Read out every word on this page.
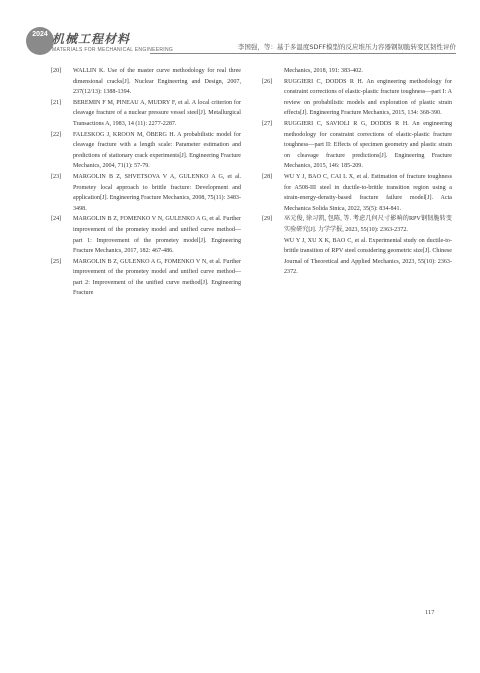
2024 机械工程材料
MATERIALS FOR MECHANICAL ENGINEERING	李国强，等：基于多温度SDFF模型的反应堆压力容器钢韧脆转变区韧性评价

[20] WALLIN K. Use of the master curve methodology for real three dimensional cracks[J]. Nuclear Engineering and Design, 2007, 237(12/13): 1388-1394.

[21] BEREMIN F M, PINEAU A, MUDRY F, et al. A local criterion for cleavage fracture of a nuclear pressure vessel steel[J]. Metallurgical Transactions A, 1983, 14 (11): 2277-2287.

[22] FALESKOG J, KROON M, ÖBERG H. A probabilistic model for cleavage fracture with a length scale: Parameter estimation and predictions of stationary crack experiments[J]. Engineering Fracture Mechanics, 2004, 71(1): 57-79.

[23] MARGOLIN B Z, SHVETSOVA V A, GULENKO A G, et al. Prometey local approach to brittle fracture: Development and application[J]. Engineering Fracture Mechanics, 2008, 75(11): 3483-3498.

[24] MARGOLIN B Z, FOMENKO V N, GULENKO A G, et al. Further improvement of the prometey model and unified curve method—part 1: Improvement of the prometey model[J]. Engineering Fracture Mechanics, 2017, 182: 467-486.

[25] MARGOLIN B Z, GULENKO A G, FOMENKO V N, et al. Further improvement of the prometey model and unified curve method—part 2: Improvement of the unified curve method[J]. Engineering Fracture

Mechanics, 2018, 191: 383-402.

[26] RUGGIERI C, DODDS R H. An engineering methodology for constraint corrections of elastic-plastic fracture toughness—part I: A review on probabilistic models and exploration of plastic strain effects[J]. Engineering Fracture Mechanics, 2015, 134: 368-390.

[27] RUGGIERI C, SAVIOLI R G, DODDS R H. An engineering methodology for constraint corrections of elastic-plastic fracture toughness—part II: Effects of specimen geometry and plastic strain on cleavage fracture predictions[J]. Engineering Fracture Mechanics, 2015, 146: 185-209.

[28] WU Y J, BAO C, CAI L X, et al. Estimation of fracture toughness for A508-III steel in ductile-to-brittle transition region using a strain-energy-density-based fracture failure model[J]. Acta Mechanica Solida Sinica, 2022, 35(5): 834-841.

[29] 巫元俊, 徐习凯, 包陈, 等. 考虑几何尺寸影响的RPV钢韧脆转变实验研究[J]. 力学学报, 2023, 55(10): 2363-2372.

WU Y J, XU X K, BAO C, et al. Experimental study on ductile-to-brittle transition of RPV steel considering geometric size[J]. Chinese Journal of Theoretical and Applied Mechanics, 2023, 55(10): 2363-2372.

117
